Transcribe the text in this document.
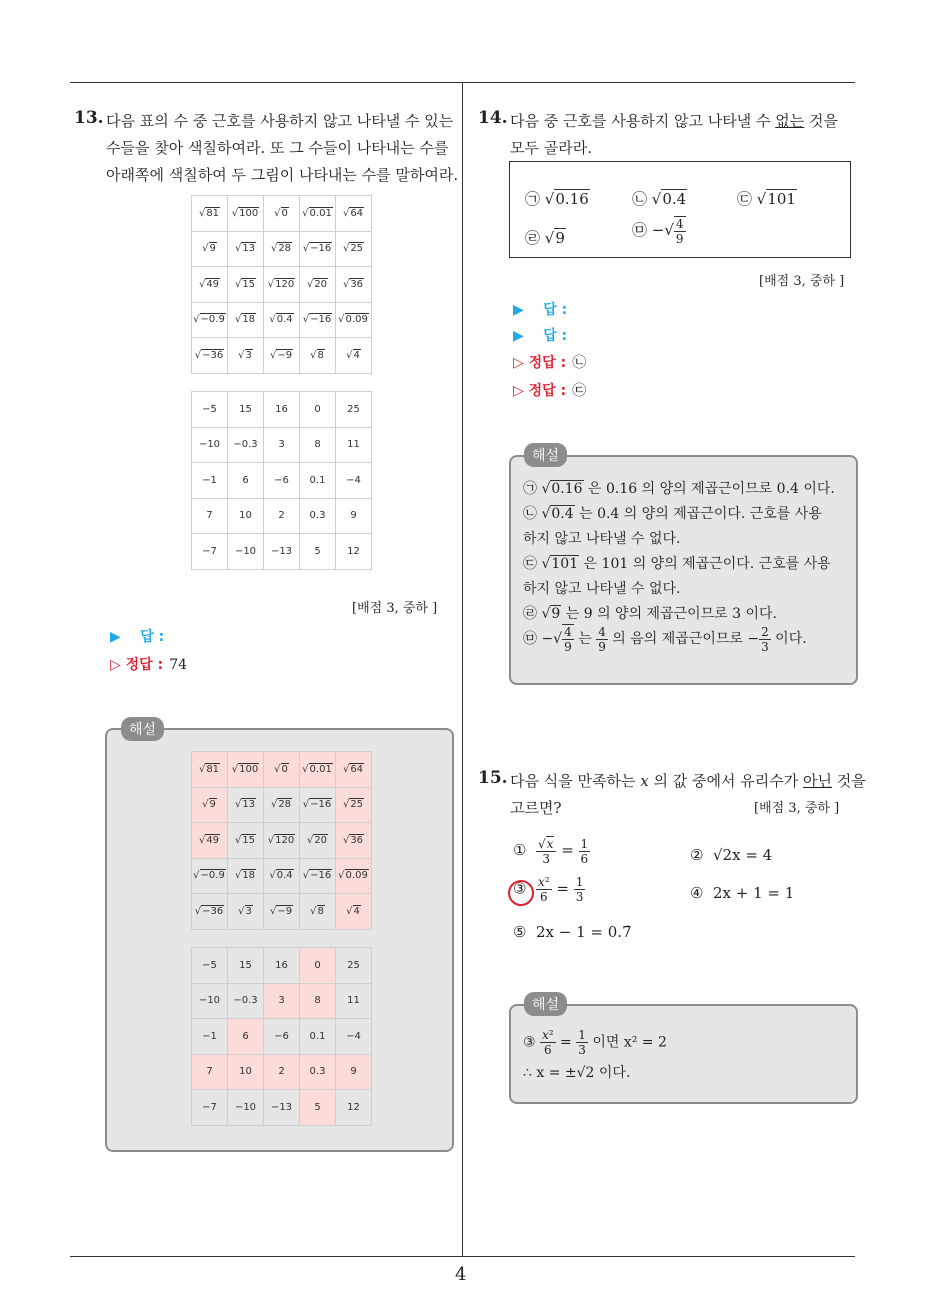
4
13. 다음 표의 수 중 근호를 사용하지 않고 나타낼 수 있는
수들을 찾아 색칠하여라. 또 그 수들이 나타내는 수를
아래쪽에 색칠하여 두 그림이 나타내는 수를 말하여라.
√81	√100	√0	√0.01	√64
√9	√13	√28	√−16	√25
√49	√15	√120	√20	√36
√−0.9	√18	√0.4	√−16	√0.09
√−36	√3	√−9	√8	√4
−5	15	16	0	25
−10	−0.3	3	8	11
−1	6	−6	0.1	−4
7	10	2	0.3	9
−7	−10	−13	5	12
[배점 3, 중하 ]
▶ 답 :
▷ 정답 : 74
해설
√81	√100	√0	√0.01	√64
√9	√13	√28	√−16	√25
√49	√15	√120	√20	√36
√−0.9	√18	√0.4	√−16	√0.09
√−36	√3	√−9	√8	√4
−5	15	16	0	25
−10	−0.3	3	8	11
−1	6	−6	0.1	−4
7	10	2	0.3	9
−7	−10	−13	5	12
14. 다음 중 근호를 사용하지 않고 나타낼 수 없는 것을
모두 골라라.
㉠ √0.16	㉡ √0.4	㉢ √101
㉣ √9	㉤ −√ $\frac{4}{9}$
[배점 3, 중하 ]
▶ 답 :
▶ 답 :
▷ 정답 : ㉡
▷ 정답 : ㉢
해설
㉠ √0.16 은 0.16 의 양의 제곱근이므로 0.4 이다.
㉡ √0.4 는 0.4 의 양의 제곱근이다. 근호를 사용
하지 않고 나타낼 수 없다.
㉢ √101 은 101 의 양의 제곱근이다. 근호를 사용
하지 않고 나타낼 수 없다.
㉣ √9 는 9 의 양의 제곱근이므로 3 이다.
㉤ −√ $\frac{4}{9}$ 는 $\frac{4}{9}$ 의 음의 제곱근이므로 − $\frac{2}{3}$ 이다.
15. 다음 식을 만족하는 x 의 값 중에서 유리수가 아닌 것을
고르면?	[배점 3, 중하 ]
① $\frac{√x}{3} = \frac{1}{6}$	② √2x = 4
③ $\frac{\text{x²}}{6} = \frac{1}{3}$	④ 2x + 1 = 1
⑤ 2x − 1 = 0.7̇
해설
③ $\frac{\text{x²}}{6} = \frac{1}{3}$ 이면 x² = 2
∴ x = ±√2 이다.
